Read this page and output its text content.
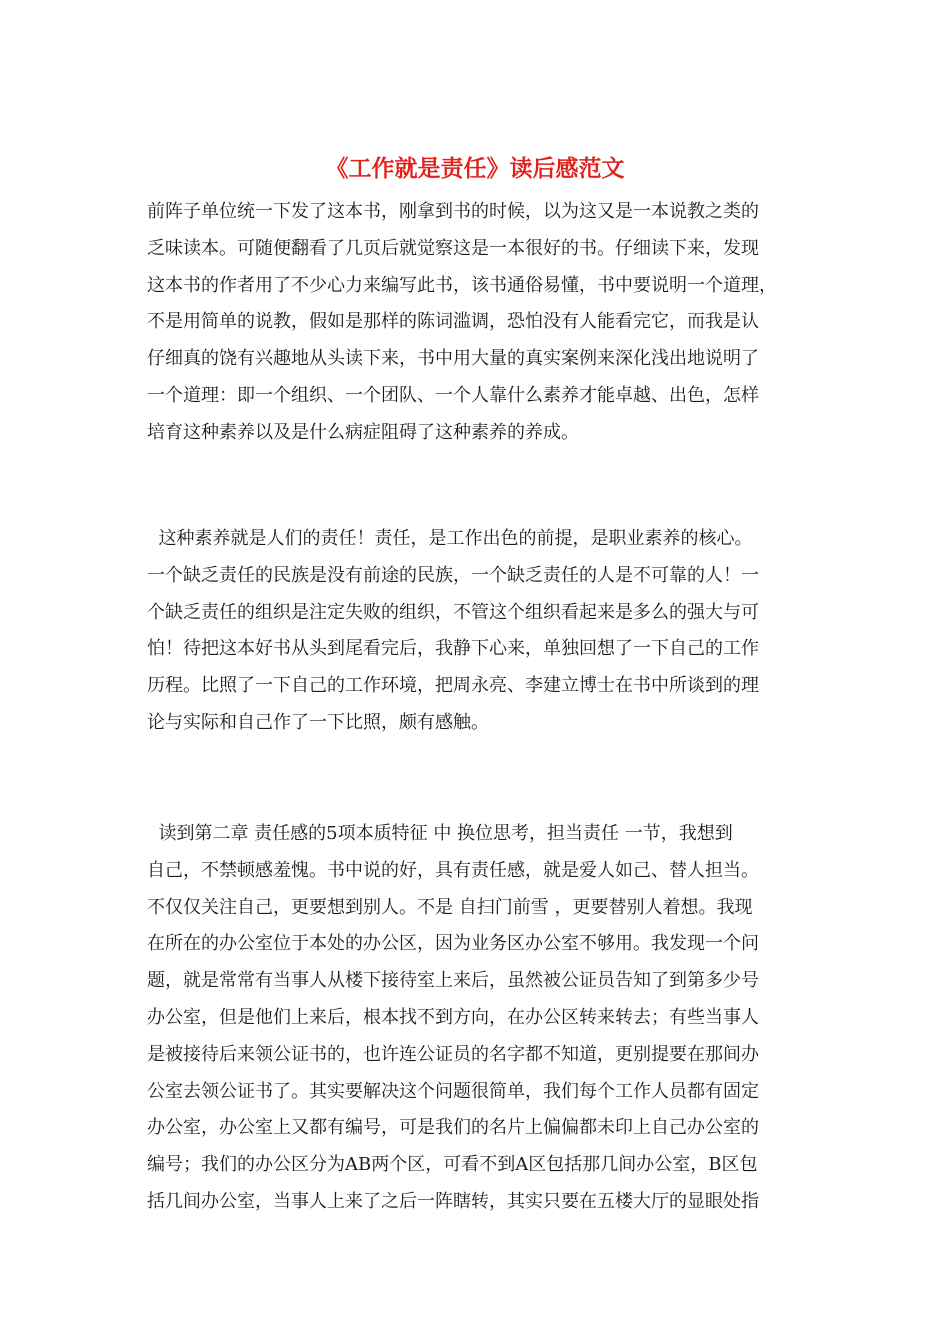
《工作就是责任》读后感范文
前阵子单位统一下发了这本书，刚拿到书的时候，以为这又是一本说教之类的
乏味读本。可随便翻看了几页后就觉察这是一本很好的书。仔细读下来，发现
这本书的作者用了不少心力来编写此书，该书通俗易懂，书中要说明一个道理，
不是用简单的说教，假如是那样的陈词滥调，恐怕没有人能看完它，而我是认
仔细真的饶有兴趣地从头读下来，书中用大量的真实案例来深化浅出地说明了
一个道理：即一个组织、一个团队、一个人靠什么素养才能卓越、出色，怎样
培育这种素养以及是什么病症阻碍了这种素养的养成。
这种素养就是人们的责任！责任，是工作出色的前提，是职业素养的核心。
一个缺乏责任的民族是没有前途的民族，一个缺乏责任的人是不可靠的人！一
个缺乏责任的组织是注定失败的组织，不管这个组织看起来是多么的强大与可
怕！待把这本好书从头到尾看完后，我静下心来，单独回想了一下自己的工作
历程。比照了一下自己的工作环境，把周永亮、李建立博士在书中所谈到的理
论与实际和自己作了一下比照，颇有感触。
读到第二章 责任感的5项本质特征 中 换位思考，担当责任 一节，我想到
自己，不禁顿感羞愧。书中说的好，具有责任感，就是爱人如己、替人担当。
不仅仅关注自己，更要想到别人。不是 自扫门前雪 ，更要替别人着想。我现
在所在的办公室位于本处的办公区，因为业务区办公室不够用。我发现一个问
题，就是常常有当事人从楼下接待室上来后，虽然被公证员告知了到第多少号
办公室，但是他们上来后，根本找不到方向，在办公区转来转去；有些当事人
是被接待后来领公证书的，也许连公证员的名字都不知道，更别提要在那间办
公室去领公证书了。其实要解决这个问题很简单，我们每个工作人员都有固定
办公室，办公室上又都有编号，可是我们的名片上偏偏都未印上自己办公室的
编号；我们的办公区分为AB两个区，可看不到A区包括那几间办公室，B区包
括几间办公室，当事人上来了之后一阵瞎转，其实只要在五楼大厅的显眼处指
